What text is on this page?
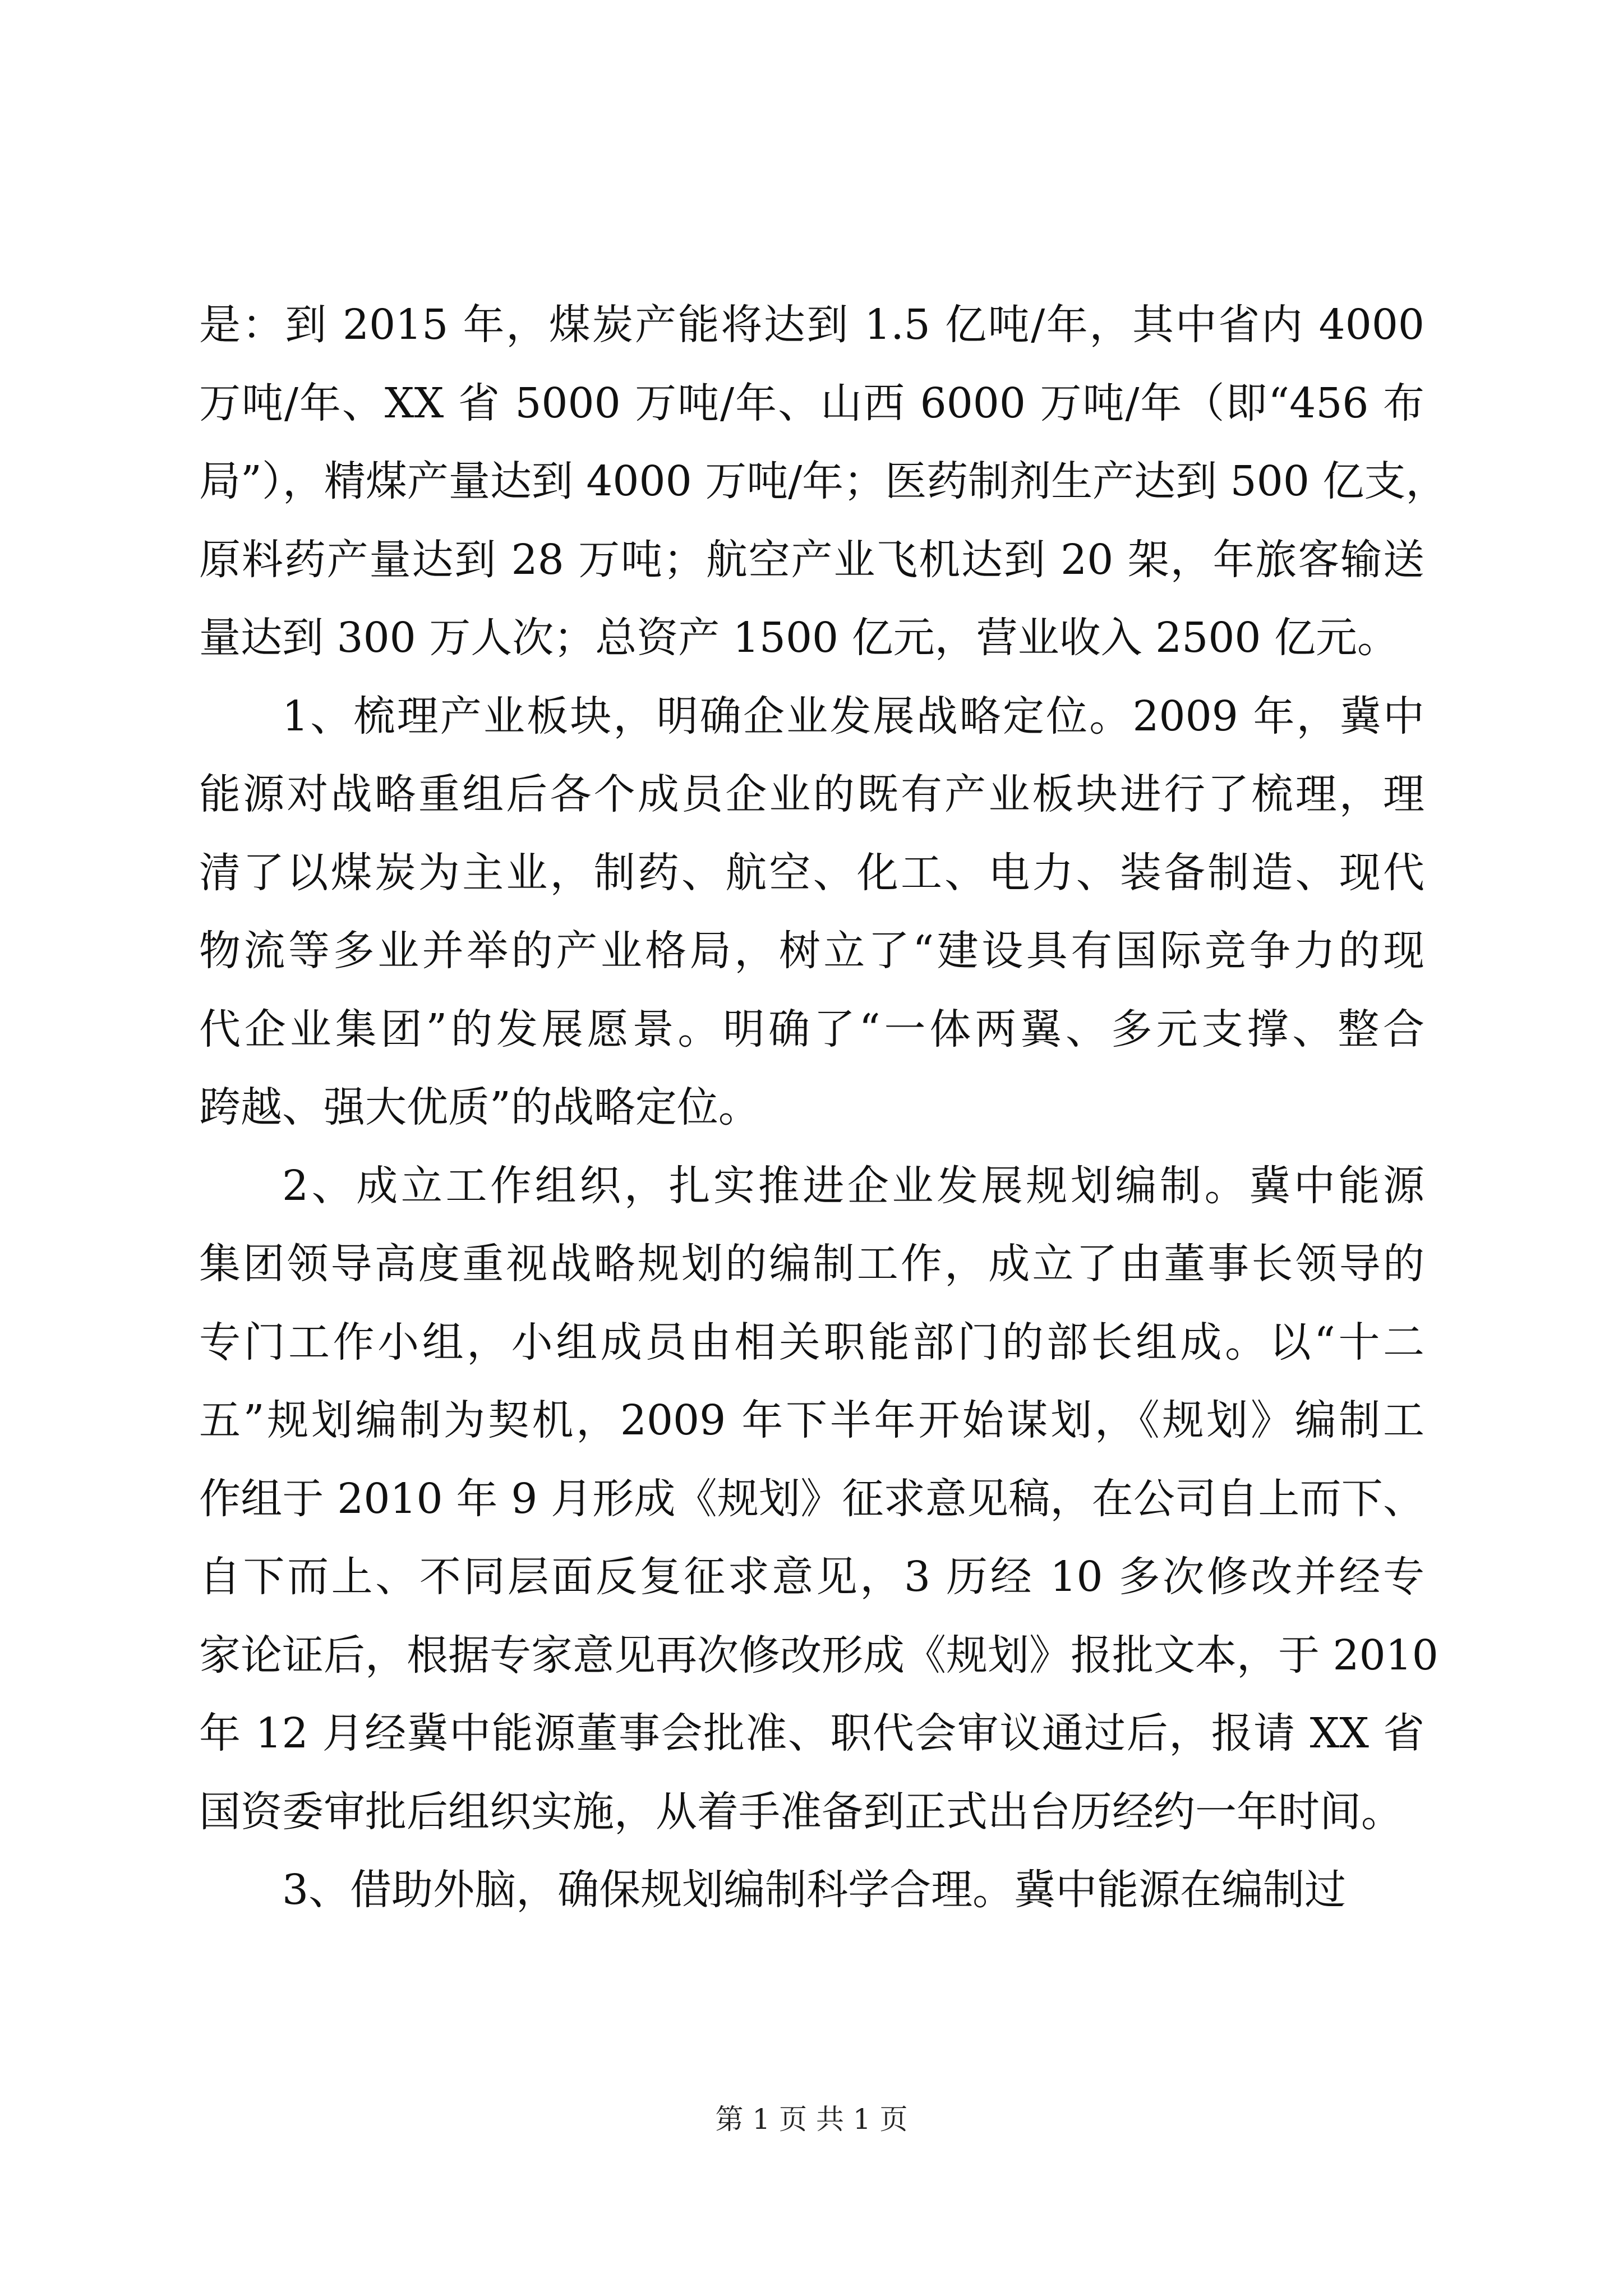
是：到 2015 年，煤炭产能将达到 1.5 亿吨/年，其中省内 4000
万吨/年、XX 省 5000 万吨/年、山西 6000 万吨/年（即“456 布
局”），精煤产量达到 4000 万吨/年；医药制剂生产达到 500 亿支，
原料药产量达到 28 万吨；航空产业飞机达到 20 架，年旅客输送
量达到 300 万人次；总资产 1500 亿元，营业收入 2500 亿元。
1、梳理产业板块，明确企业发展战略定位。2009 年，冀中
能源对战略重组后各个成员企业的既有产业板块进行了梳理，理
清了以煤炭为主业，制药、航空、化工、电力、装备制造、现代
物流等多业并举的产业格局，树立了“建设具有国际竞争力的现
代企业集团”的发展愿景。明确了“一体两翼、多元支撑、整合
跨越、强大优质”的战略定位。
2、成立工作组织，扎实推进企业发展规划编制。冀中能源
集团领导高度重视战略规划的编制工作，成立了由董事长领导的
专门工作小组，小组成员由相关职能部门的部长组成。以“十二
五”规划编制为契机，2009 年下半年开始谋划，《规划》编制工
作组于 2010 年 9 月形成《规划》征求意见稿，在公司自上而下、
自下而上、不同层面反复征求意见，3 历经 10 多次修改并经专
家论证后，根据专家意见再次修改形成《规划》报批文本，于 2010
年 12 月经冀中能源董事会批准、职代会审议通过后，报请 XX 省
国资委审批后组织实施，从着手准备到正式出台历经约一年时间。
3、借助外脑，确保规划编制科学合理。冀中能源在编制过
第 1 页 共 1 页
